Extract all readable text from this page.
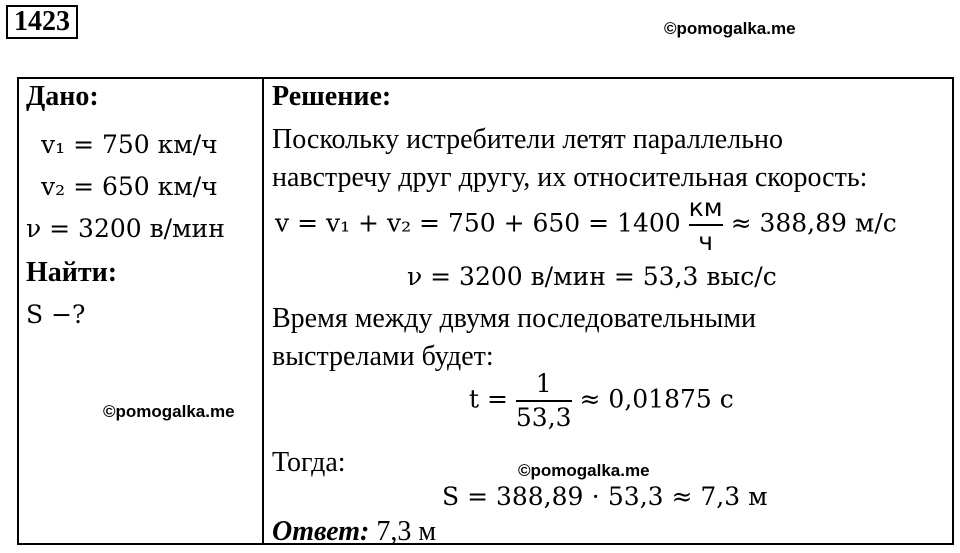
1423	©pomogalka.me
Дано:
v₁ = 750 км/ч
v₂ = 650 км/ч
ν = 3200 в/мин
Найти:
S −?
Решение:
Поскольку истребители летят параллельно
навстречу друг другу, их относительная скорость:
$v = v_1 + v_2 = 750 + 650 = 1400 \frac{км}{ч} \approx 388,89$ м/с
ν = 3200 в/мин = 53,3 выс/с
Время между двумя последовательными
выстрелами будет:
$t = \frac{1}{53,3} \approx 0,01875$ с
Тогда:
S = 388,89 ⋅ 53,3 ≈ 7,3 м
Ответ: 7,3 м
©pomogalka.me
©pomogalka.me
